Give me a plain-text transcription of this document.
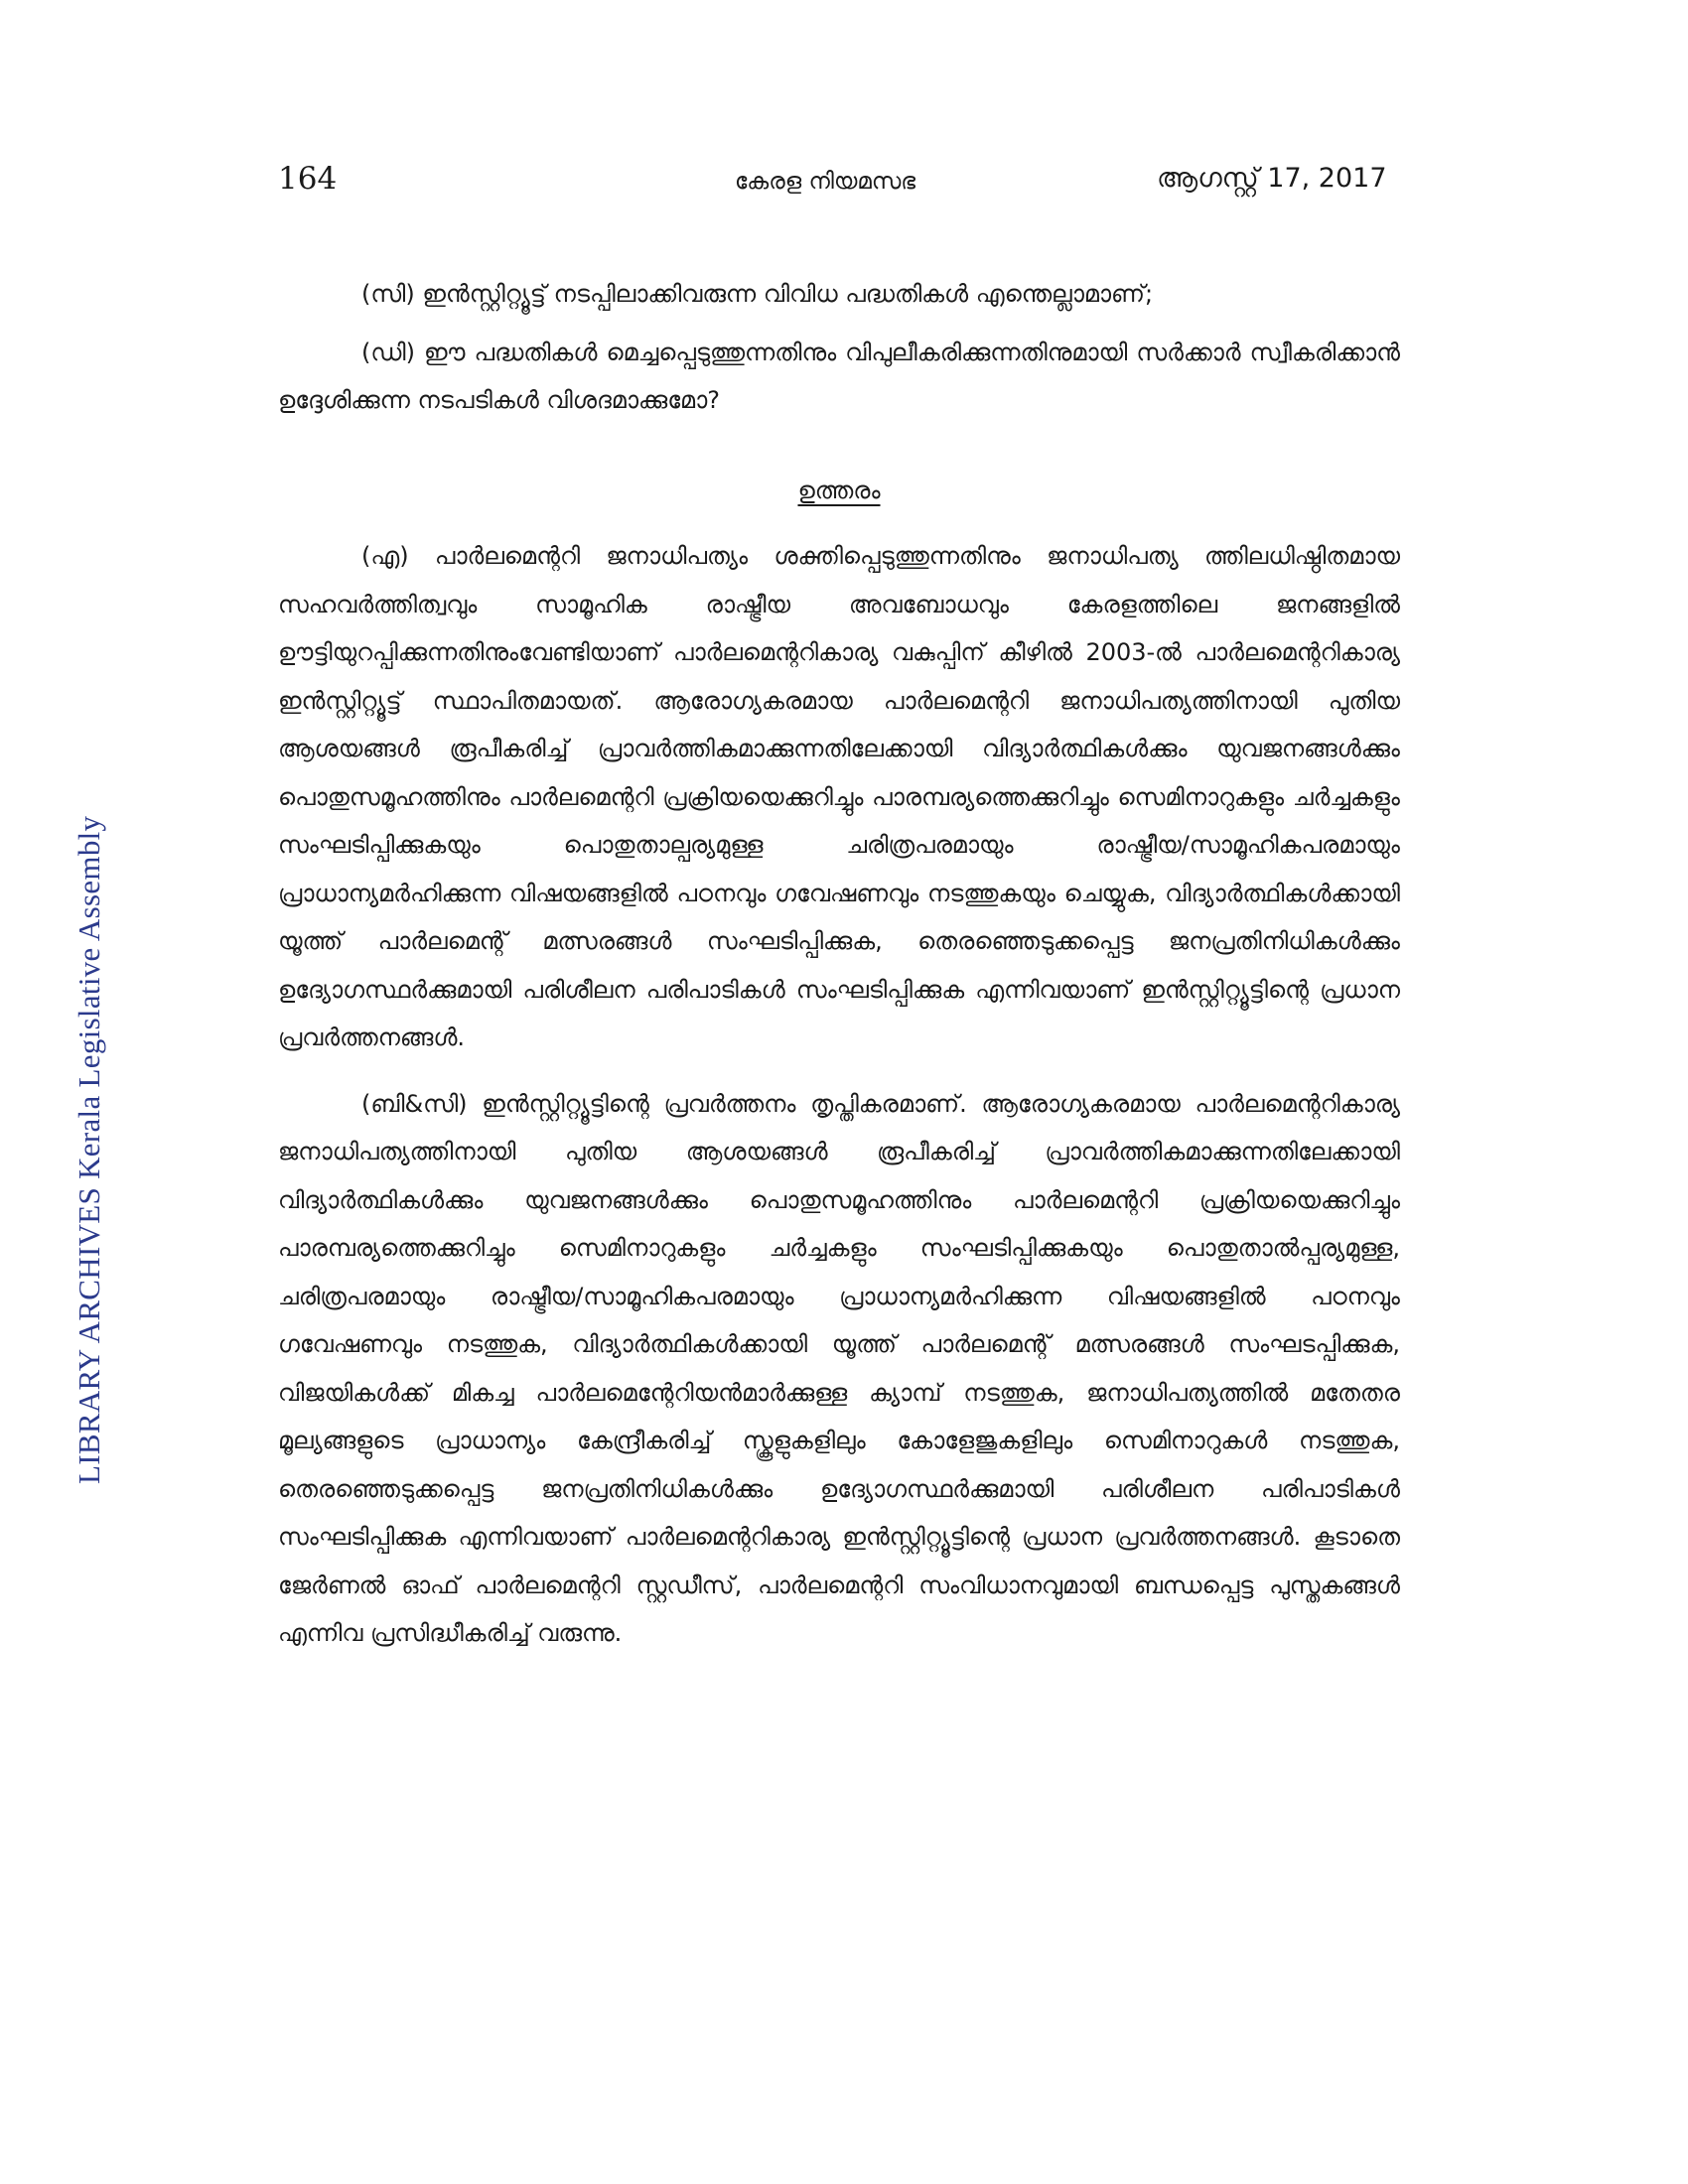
164	കേരള നിയമസഭ	ആഗസ്റ്റ് 17, 2017
LIBRARY ARCHIVES Kerala Legislative Assembly

(സി) ഇൻസ്റ്റിറ്റ്യൂട്ട് നടപ്പിലാക്കിവരുന്ന വിവിധ പദ്ധതികൾ എന്തെല്ലാമാണ്;

(ഡി) ഈ പദ്ധതികൾ മെച്ചപ്പെടുത്തുന്നതിനും വിപുലീകരിക്കുന്നതിനുമായി സർക്കാർ സ്വീകരിക്കാൻ ഉദ്ദേശിക്കുന്ന നടപടികൾ വിശദമാക്കുമോ?

ഉത്തരം

(എ) പാർലമെന്ററി ജനാധിപത്യം ശക്തിപ്പെടുത്തുന്നതിനും ജനാധിപത്യ ത്തിലധിഷ്ഠിതമായ സഹവർത്തിത്വവും സാമൂഹിക രാഷ്ട്രീയ അവബോധവും കേരളത്തിലെ ജനങ്ങളിൽ ഊട്ടിയുറപ്പിക്കുന്നതിനുംവേണ്ടിയാണ് പാർലമെന്ററികാര്യ വകുപ്പിന് കീഴിൽ 2003-ൽ പാർലമെന്ററികാര്യ ഇൻസ്റ്റിറ്റ്യൂട്ട് സ്ഥാപിതമായത്. ആരോഗ്യകരമായ പാർലമെന്ററി ജനാധിപത്യത്തിനായി പുതിയ ആശയങ്ങൾ രൂപീകരിച്ച് പ്രാവർത്തികമാക്കുന്നതിലേക്കായി വിദ്യാർത്ഥികൾക്കും യുവജനങ്ങൾക്കും പൊതുസമൂഹത്തിനും പാർലമെന്ററി പ്രക്രിയയെക്കുറിച്ചും പാരമ്പര്യത്തെക്കുറിച്ചും സെമിനാറുകളും ചർച്ചകളും സംഘടിപ്പിക്കുകയും പൊതുതാല്പര്യമുള്ള ചരിത്രപരമായും രാഷ്ട്രീയ/സാമൂഹികപരമായും പ്രാധാന്യമർഹിക്കുന്ന വിഷയങ്ങളിൽ പഠനവും ഗവേഷണവും നടത്തുകയും ചെയ്യുക, വിദ്യാർത്ഥികൾക്കായി യൂത്ത് പാർലമെന്റ് മത്സരങ്ങൾ സംഘടിപ്പിക്കുക, തെരഞ്ഞെടുക്കപ്പെട്ട ജനപ്രതിനിധികൾക്കും ഉദ്യോഗസ്ഥർക്കുമായി പരിശീലന പരിപാടികൾ സംഘടിപ്പിക്കുക എന്നിവയാണ് ഇൻസ്റ്റിറ്റ്യൂട്ടിന്റെ പ്രധാന പ്രവർത്തനങ്ങൾ.

(ബി&സി) ഇൻസ്റ്റിറ്റ്യൂട്ടിന്റെ പ്രവർത്തനം തൃപ്തികരമാണ്. ആരോഗ്യകരമായ പാർലമെന്ററികാര്യ ജനാധിപത്യത്തിനായി പുതിയ ആശയങ്ങൾ രൂപീകരിച്ച് പ്രാവർത്തികമാക്കുന്നതിലേക്കായി വിദ്യാർത്ഥികൾക്കും യുവജനങ്ങൾക്കും പൊതുസമൂഹത്തിനും പാർലമെന്ററി പ്രക്രിയയെക്കുറിച്ചും പാരമ്പര്യത്തെക്കുറിച്ചും സെമിനാറുകളും ചർച്ചകളും സംഘടിപ്പിക്കുകയും പൊതുതാൽപ്പര്യമുള്ള, ചരിത്രപരമായും രാഷ്ട്രീയ/സാമൂഹികപരമായും പ്രാധാന്യമർഹിക്കുന്ന വിഷയങ്ങളിൽ പഠനവും ഗവേഷണവും നടത്തുക, വിദ്യാർത്ഥികൾക്കായി യൂത്ത് പാർലമെന്റ് മത്സരങ്ങൾ സംഘടപ്പിക്കുക, വിജയികൾക്ക് മികച്ച പാർലമെന്റേറിയൻമാർക്കുള്ള ക്യാമ്പ് നടത്തുക, ജനാധിപത്യത്തിൽ മതേതര മൂല്യങ്ങളുടെ പ്രാധാന്യം കേന്ദ്രീകരിച്ച് സ്കൂളുകളിലും കോളേജുകളിലും സെമിനാറുകൾ നടത്തുക, തെരഞ്ഞെടുക്കപ്പെട്ട ജനപ്രതിനിധികൾക്കും ഉദ്യോഗസ്ഥർക്കുമായി പരിശീലന പരിപാടികൾ സംഘടിപ്പിക്കുക എന്നിവയാണ് പാർലമെന്ററികാര്യ ഇൻസ്റ്റിറ്റ്യൂട്ടിന്റെ പ്രധാന പ്രവർത്തനങ്ങൾ. കൂടാതെ ജേർണൽ ഓഫ് പാർലമെന്ററി സ്റ്റഡീസ്, പാർലമെന്ററി സംവിധാനവുമായി ബന്ധപ്പെട്ട പുസ്തകങ്ങൾ എന്നിവ പ്രസിദ്ധീകരിച്ച് വരുന്നു.
